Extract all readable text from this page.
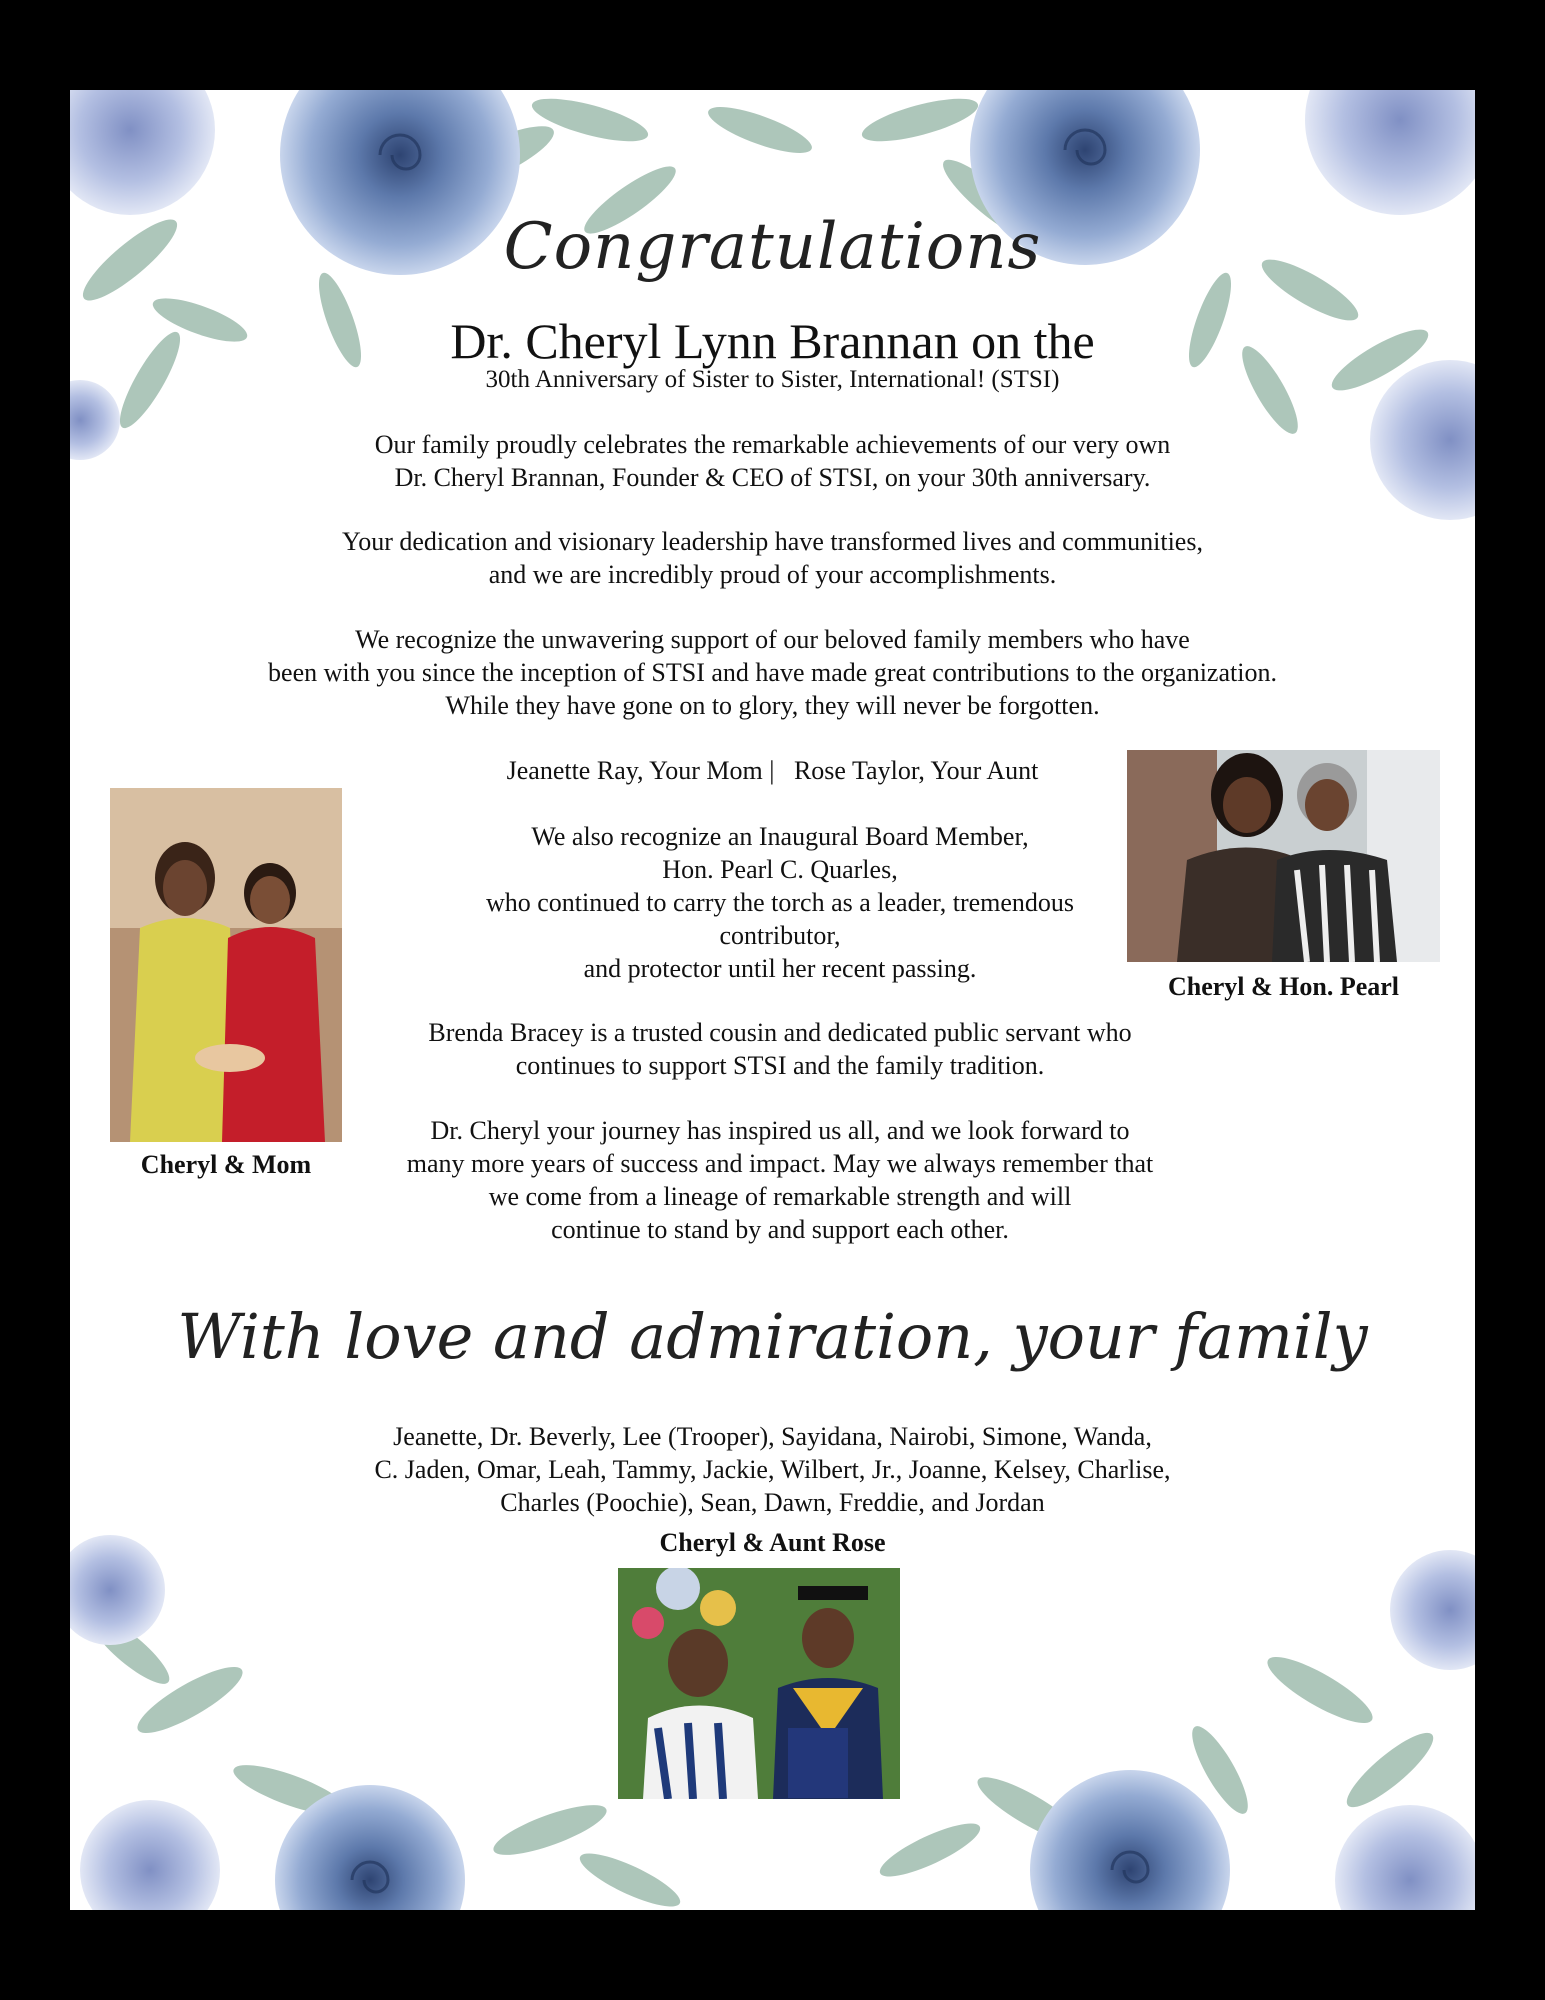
Congratulations
Dr. Cheryl Lynn Brannan on the
30th Anniversary of Sister to Sister, International! (STSI)
Our family proudly celebrates the remarkable achievements of our very own
Dr. Cheryl Brannan, Founder & CEO of STSI, on your 30th anniversary.
Your dedication and visionary leadership have transformed lives and communities,
and we are incredibly proud of your accomplishments.
We recognize the unwavering support of our beloved family members who have
been with you since the inception of STSI and have made great contributions to the organization.
While they have gone on to glory, they will never be forgotten.
Jeanette Ray, Your Mom |   Rose Taylor, Your Aunt
We also recognize an Inaugural Board Member,
Hon. Pearl C. Quarles,
who continued to carry the torch as a leader, tremendous
contributor,
and protector until her recent passing.
Brenda Bracey is a trusted cousin and dedicated public servant who
continues to support STSI and the family tradition.
Dr. Cheryl your journey has inspired us all, and we look forward to
many more years of success and impact. May we always remember that
we come from a lineage of remarkable strength and will
continue to stand by and support each other.
Cheryl & Mom
Cheryl & Hon. Pearl
With love and admiration, your family
Jeanette, Dr. Beverly, Lee (Trooper), Sayidana, Nairobi, Simone, Wanda,
C. Jaden, Omar, Leah, Tammy, Jackie, Wilbert, Jr., Joanne, Kelsey, Charlise,
Charles (Poochie), Sean, Dawn, Freddie, and Jordan
Cheryl & Aunt Rose
